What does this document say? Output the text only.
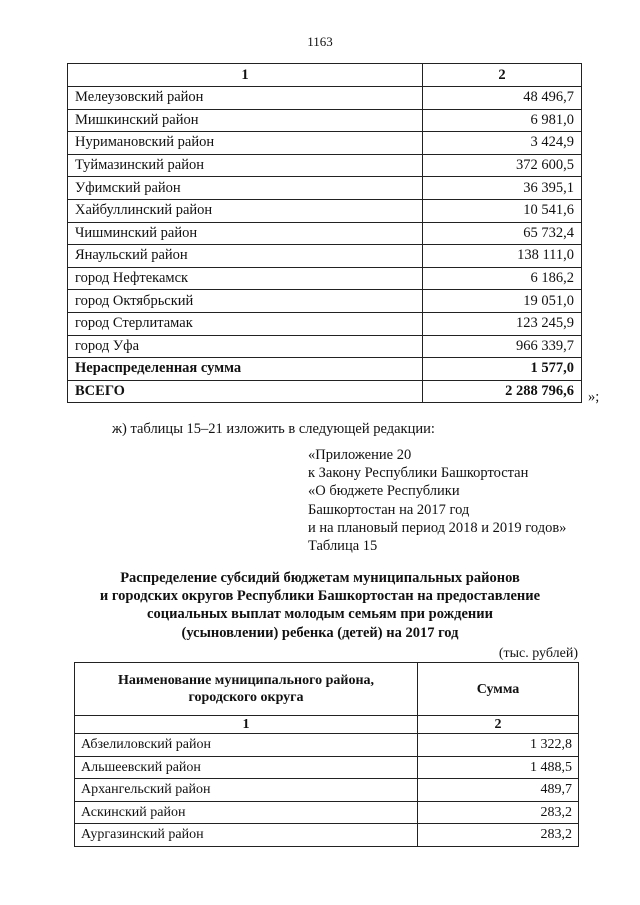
1163
1	2
Мелеузовский район	48 496,7
Мишкинский район	6 981,0
Нуримановский район	3 424,9
Туймазинский район	372 600,5
Уфимский район	36 395,1
Хайбуллинский район	10 541,6
Чишминский район	65 732,4
Янаульский район	138 111,0
город Нефтекамск	6 186,2
город Октябрьский	19 051,0
город Стерлитамак	123 245,9
город Уфа	966 339,7
Нераспределенная сумма	1 577,0
ВСЕГО	2 288 796,6 »;
ж) таблицы 15–21 изложить в следующей редакции:
«Приложение 20
к Закону Республики Башкортостан
«О бюджете Республики
Башкортостан на 2017 год
и на плановый период 2018 и 2019 годов»
Таблица 15
Распределение субсидий бюджетам муниципальных районов
и городских округов Республики Башкортостан на предоставление
социальных выплат молодым семьям при рождении
(усыновлении) ребенка (детей) на 2017 год
(тыс. рублей)
Наименование муниципального района,
городского округа	Сумма
1	2
Абзелиловский район	1 322,8
Альшеевский район	1 488,5
Архангельский район	489,7
Аскинский район	283,2
Аургазинский район	283,2
